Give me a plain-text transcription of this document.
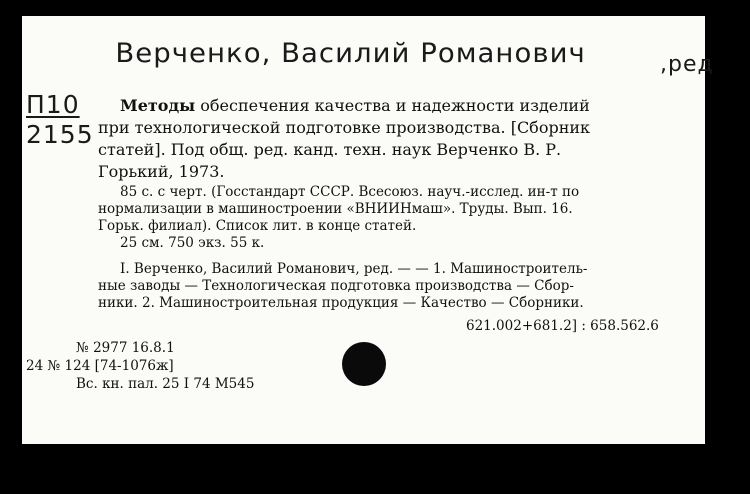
Верченко, Василий Романович	,ред
П10
2155
Методы обеспечения качества и надежности изделий
при технологической подготовке производства. [Сборник
статей]. Под общ. ред. канд. техн. наук Верченко В. Р.
Горький, 1973.
85 с. с черт. (Госстандарт СССР. Всесоюз. науч.-исслед. ин-т по
нормализации в машиностроении «ВНИИНмаш». Труды. Вып. 16.
Горьк. филиал). Список лит. в конце статей.
25 см. 750 экз. 55 к.
I. Верченко, Василий Романович, ред. — — 1. Машиностроитель-
ные заводы — Технологическая подготовка производства — Сбор-
ники. 2. Машиностроительная продукция — Качество — Сборники.
621.002+681.2] : 658.562.6
№ 2977 16.8.1
24 № 124 [74-1076ж]
Вс. кн. пал. 25 I 74 М545
